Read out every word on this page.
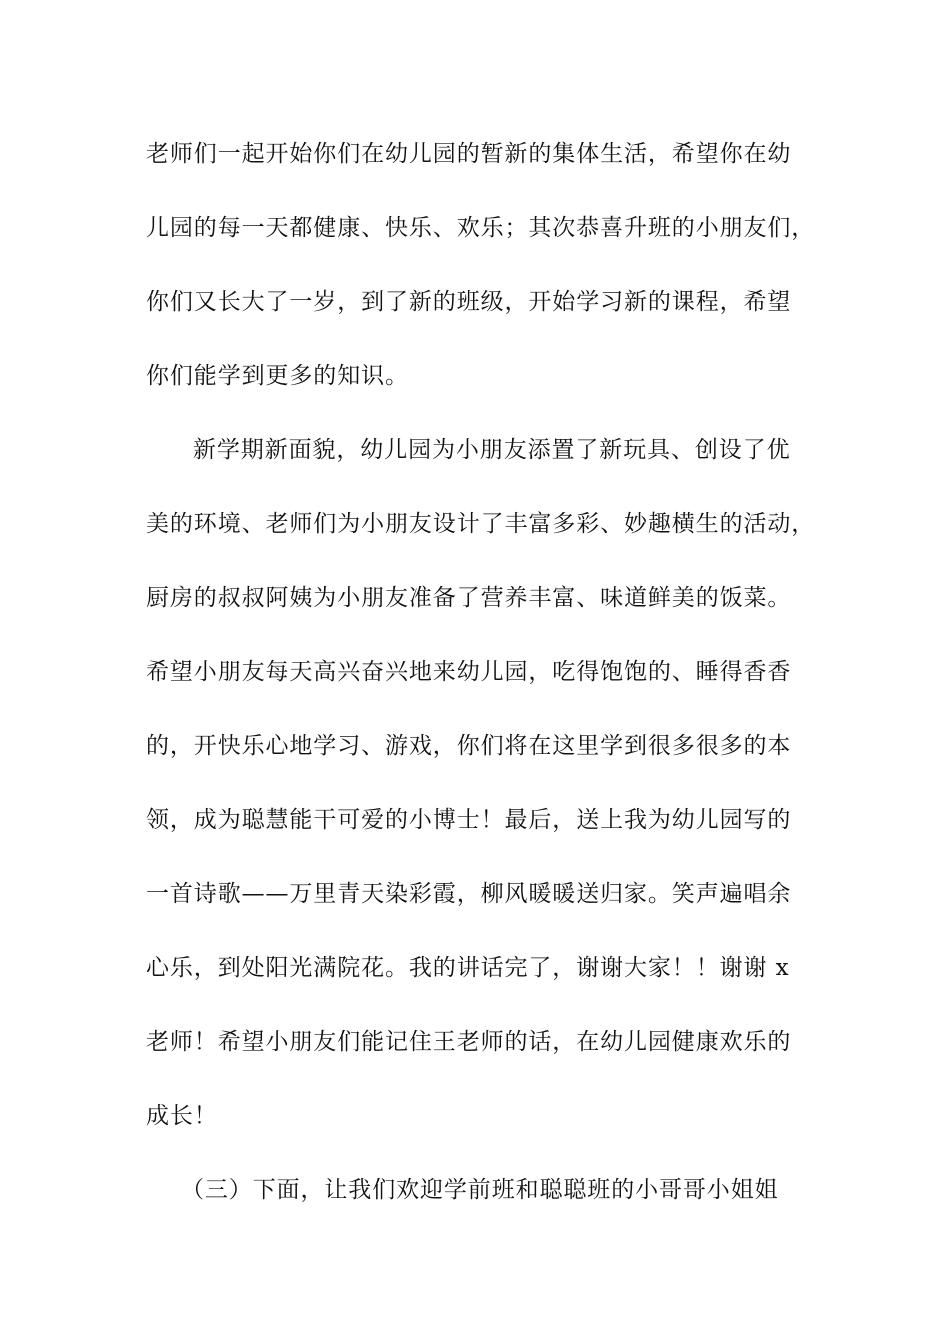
老师们一起开始你们在幼儿园的暂新的集体生活，希望你在幼
儿园的每一天都健康、快乐、欢乐；其次恭喜升班的小朋友们，
你们又长大了一岁，到了新的班级，开始学习新的课程，希望
你们能学到更多的知识。
新学期新面貌，幼儿园为小朋友添置了新玩具、创设了优
美的环境、老师们为小朋友设计了丰富多彩、妙趣横生的活动，
厨房的叔叔阿姨为小朋友准备了营养丰富、味道鲜美的饭菜。
希望小朋友每天高兴奋兴地来幼儿园，吃得饱饱的、睡得香香
的，开快乐心地学习、游戏，你们将在这里学到很多很多的本
领，成为聪慧能干可爱的小博士！最后，送上我为幼儿园写的
一首诗歌——万里青天染彩霞，柳风暖暖送归家。笑声遍唱余
心乐，到处阳光满院花。我的讲话完了，谢谢大家！！谢谢 x
老师！希望小朋友们能记住王老师的话，在幼儿园健康欢乐的
成长！
（三）下面，让我们欢迎学前班和聪聪班的小哥哥小姐姐
